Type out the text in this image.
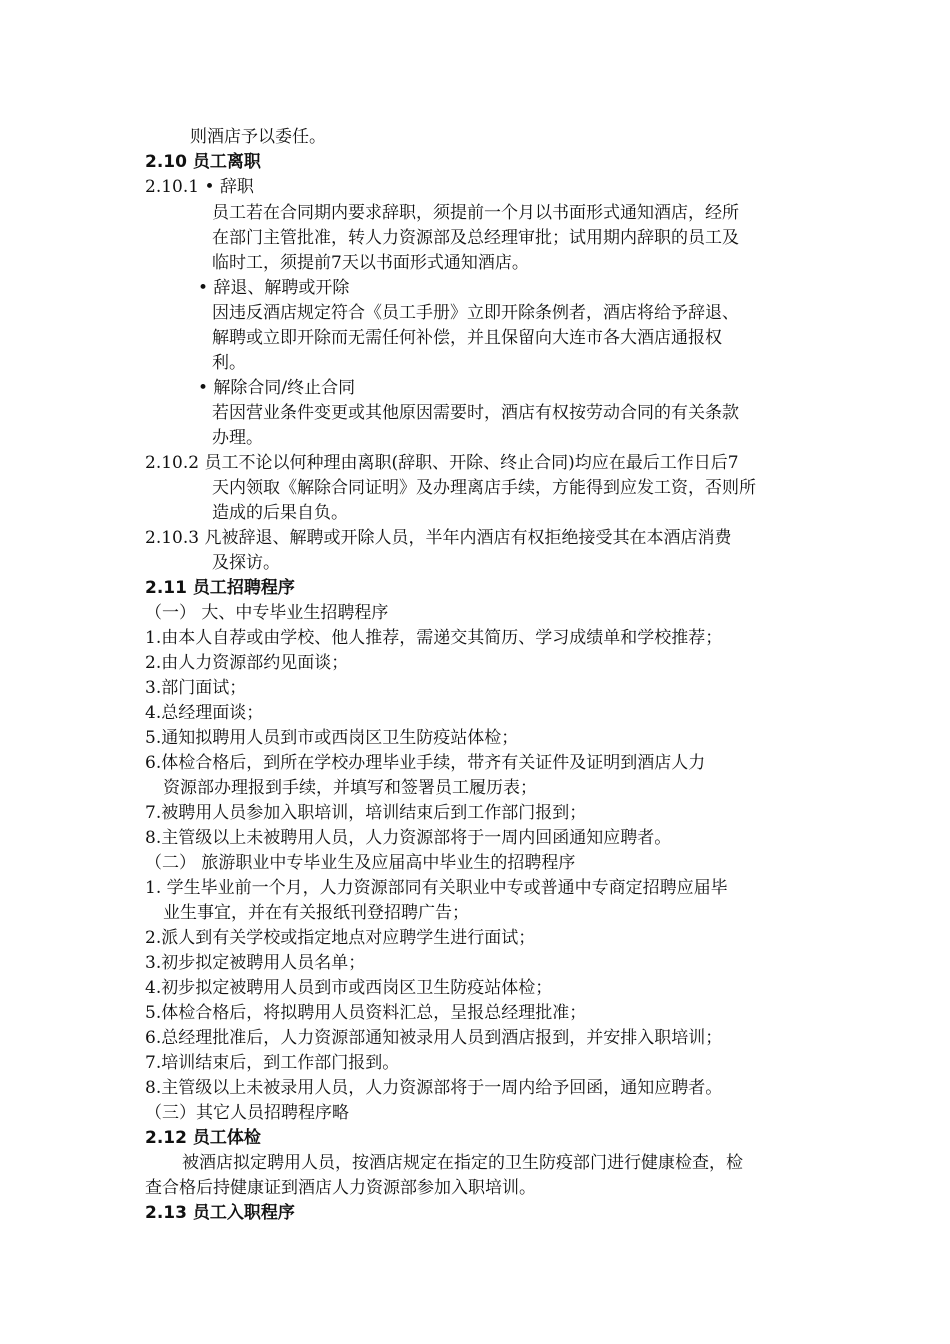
则酒店予以委任。
2.10 员工离职
2.10.1 • 辞职
员工若在合同期内要求辞职，须提前一个月以书面形式通知酒店，经所
在部门主管批准，转人力资源部及总经理审批；试用期内辞职的员工及
临时工，须提前7天以书面形式通知酒店。
• 辞退、解聘或开除
因违反酒店规定符合《员工手册》立即开除条例者，酒店将给予辞退、
解聘或立即开除而无需任何补偿，并且保留向大连市各大酒店通报权
利。
• 解除合同/终止合同
若因营业条件变更或其他原因需要时，酒店有权按劳动合同的有关条款
办理。
2.10.2 员工不论以何种理由离职(辞职、开除、终止合同)均应在最后工作日后7
天内领取《解除合同证明》及办理离店手续，方能得到应发工资，否则所
造成的后果自负。
2.10.3 凡被辞退、解聘或开除人员，半年内酒店有权拒绝接受其在本酒店消费
及探访。
2.11 员工招聘程序
（一） 大、中专毕业生招聘程序
1.由本人自荐或由学校、他人推荐，需递交其简历、学习成绩单和学校推荐；
2.由人力资源部约见面谈；
3.部门面试；
4.总经理面谈；
5.通知拟聘用人员到市或西岗区卫生防疫站体检；
6.体检合格后，到所在学校办理毕业手续，带齐有关证件及证明到酒店人力
资源部办理报到手续，并填写和签署员工履历表；
7.被聘用人员参加入职培训，培训结束后到工作部门报到；
8.主管级以上未被聘用人员，人力资源部将于一周内回函通知应聘者。
（二） 旅游职业中专毕业生及应届高中毕业生的招聘程序
1. 学生毕业前一个月，人力资源部同有关职业中专或普通中专商定招聘应届毕
业生事宜，并在有关报纸刊登招聘广告；
2.派人到有关学校或指定地点对应聘学生进行面试；
3.初步拟定被聘用人员名单；
4.初步拟定被聘用人员到市或西岗区卫生防疫站体检；
5.体检合格后，将拟聘用人员资料汇总，呈报总经理批准；
6.总经理批准后，人力资源部通知被录用人员到酒店报到，并安排入职培训；
7.培训结束后，到工作部门报到。
8.主管级以上未被录用人员，人力资源部将于一周内给予回函，通知应聘者。
（三）其它人员招聘程序略
2.12 员工体检
被酒店拟定聘用人员，按酒店规定在指定的卫生防疫部门进行健康检查，检
查合格后持健康证到酒店人力资源部参加入职培训。
2.13 员工入职程序
